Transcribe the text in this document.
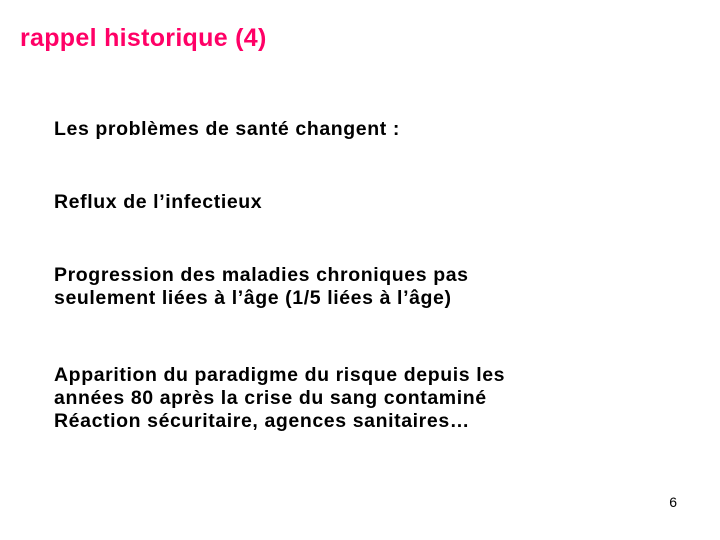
rappel historique (4)
Les problèmes de santé changent :
Reflux de l’infectieux
Progression des maladies chroniques pas
seulement liées à l’âge (1/5 liées à l’âge)
Apparition du paradigme du risque depuis les
années 80 après la crise du sang contaminé
Réaction sécuritaire, agences sanitaires…
6
